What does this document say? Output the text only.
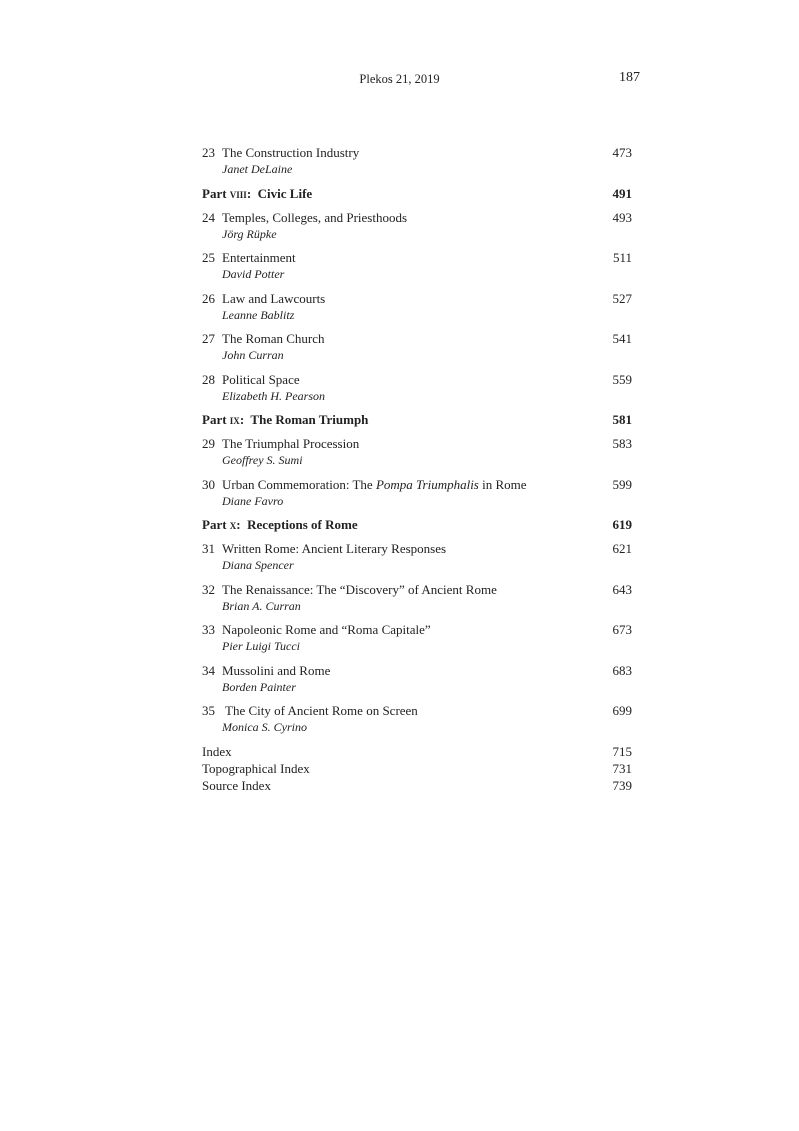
Plekos 21, 2019	187
23 The Construction Industry	473
Janet DeLaine
Part viii:  Civic Life	491
24 Temples, Colleges, and Priesthoods	493
Jörg Rüpke
25 Entertainment	511
David Potter
26 Law and Lawcourts	527
Leanne Bablitz
27 The Roman Church	541
John Curran
28 Political Space	559
Elizabeth H. Pearson
Part ix:  The Roman Triumph	581
29 The Triumphal Procession	583
Geoffrey S. Sumi
30 Urban Commemoration: The Pompa Triumphalis in Rome	599
Diane Favro
Part x:  Receptions of Rome	619
31 Written Rome: Ancient Literary Responses	621
Diana Spencer
32 The Renaissance: The “Discovery” of Ancient Rome	643
Brian A. Curran
33 Napoleonic Rome and “Roma Capitale”	673
Pier Luigi Tucci
34 Mussolini and Rome	683
Borden Painter
35 The City of Ancient Rome on Screen	699
Monica S. Cyrino
Index	715
Topographical Index	731
Source Index	739
